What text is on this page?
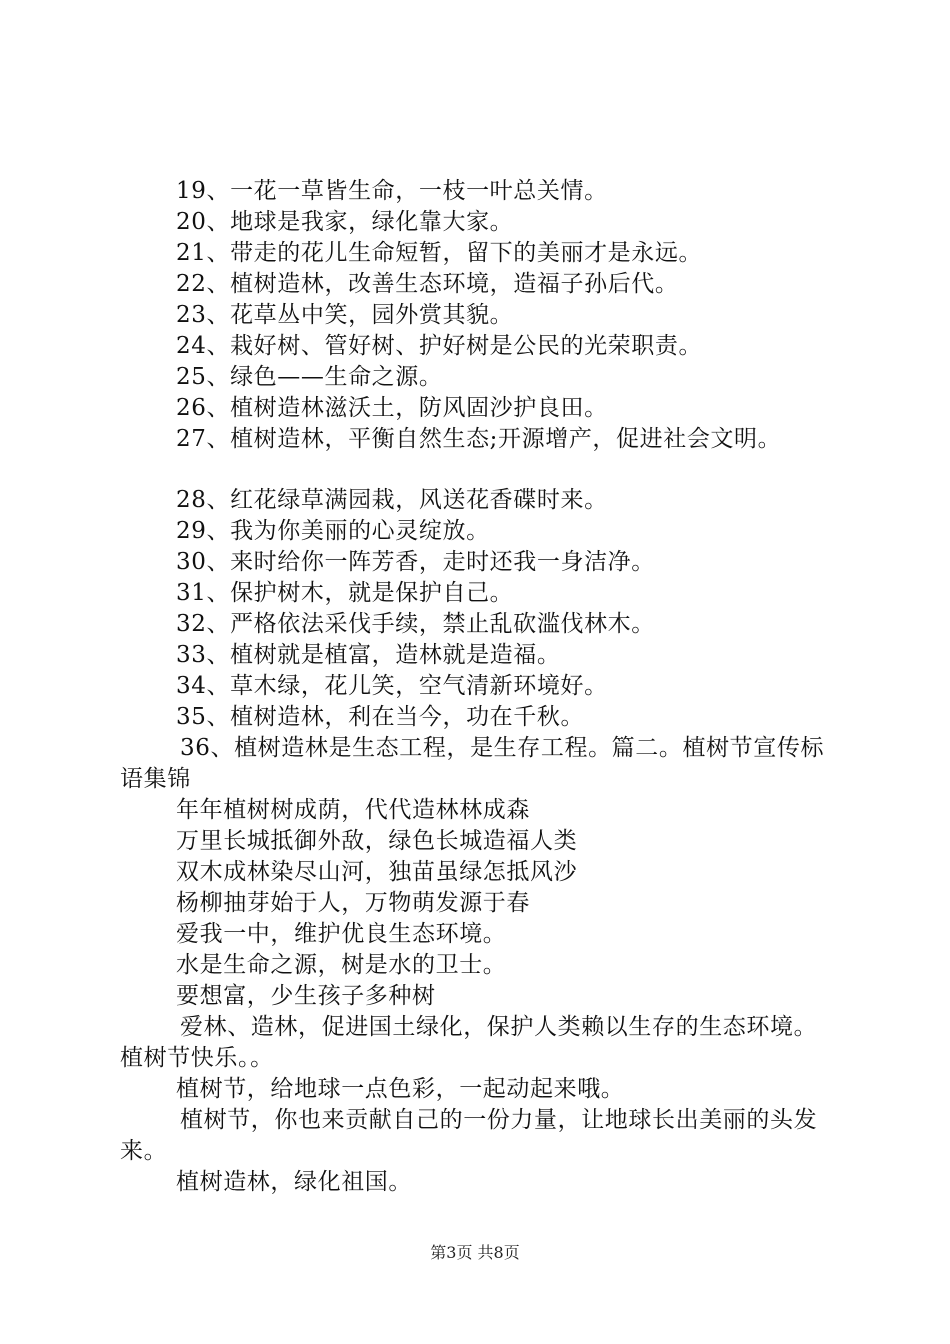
19、一花一草皆生命，一枝一叶总关情。
20、地球是我家，绿化靠大家。
21、带走的花儿生命短暂，留下的美丽才是永远。
22、植树造林，改善生态环境，造福子孙后代。
23、花草丛中笑，园外赏其貌。
24、栽好树、管好树、护好树是公民的光荣职责。
25、绿色——生命之源。
26、植树造林滋沃土，防风固沙护良田。
27、植树造林，平衡自然生态;开源增产，促进社会文明。
28、红花绿草满园栽，风送花香碟时来。
29、我为你美丽的心灵绽放。
30、来时给你一阵芳香，走时还我一身洁净。
31、保护树木，就是保护自己。
32、严格依法采伐手续，禁止乱砍滥伐林木。
33、植树就是植富，造林就是造福。
34、草木绿，花儿笑，空气清新环境好。
35、植树造林，利在当今，功在千秋。
36、植树造林是生态工程，是生存工程。篇二。植树节宣传标语集锦
年年植树树成荫，代代造林林成森
万里长城抵御外敌，绿色长城造福人类
双木成林染尽山河，独苗虽绿怎抵风沙
杨柳抽芽始于人，万物萌发源于春
爱我一中，维护优良生态环境。
水是生命之源，树是水的卫士。
要想富，少生孩子多种树
爱林、造林，促进国土绿化，保护人类赖以生存的生态环境。植树节快乐。。
植树节，给地球一点色彩，一起动起来哦。
植树节，你也来贡献自己的一份力量，让地球长出美丽的头发来。
植树造林，绿化祖国。
第3页 共8页
